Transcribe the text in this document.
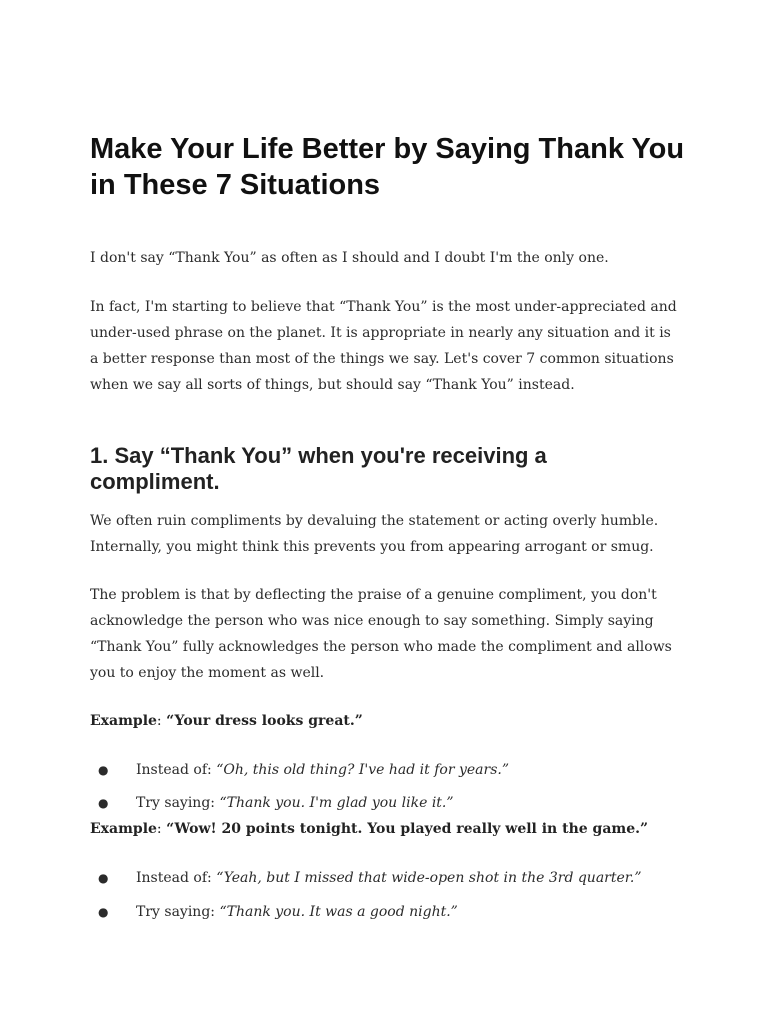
Make Your Life Better by Saying Thank You in These 7 Situations

I don't say “Thank You” as often as I should and I doubt I'm the only one.

In fact, I'm starting to believe that “Thank You” is the most under-appreciated and under-used phrase on the planet. It is appropriate in nearly any situation and it is a better response than most of the things we say. Let's cover 7 common situations when we say all sorts of things, but should say “Thank You” instead.

1. Say “Thank You” when you're receiving a compliment.

We often ruin compliments by devaluing the statement or acting overly humble. Internally, you might think this prevents you from appearing arrogant or smug.

The problem is that by deflecting the praise of a genuine compliment, you don't acknowledge the person who was nice enough to say something. Simply saying “Thank You” fully acknowledges the person who made the compliment and allows you to enjoy the moment as well.

Example: “Your dress looks great.”

● Instead of: “Oh, this old thing? I've had it for years.”
● Try saying: “Thank you. I'm glad you like it.”

Example: “Wow! 20 points tonight. You played really well in the game.”

● Instead of: “Yeah, but I missed that wide-open shot in the 3rd quarter.”
● Try saying: “Thank you. It was a good night.”
